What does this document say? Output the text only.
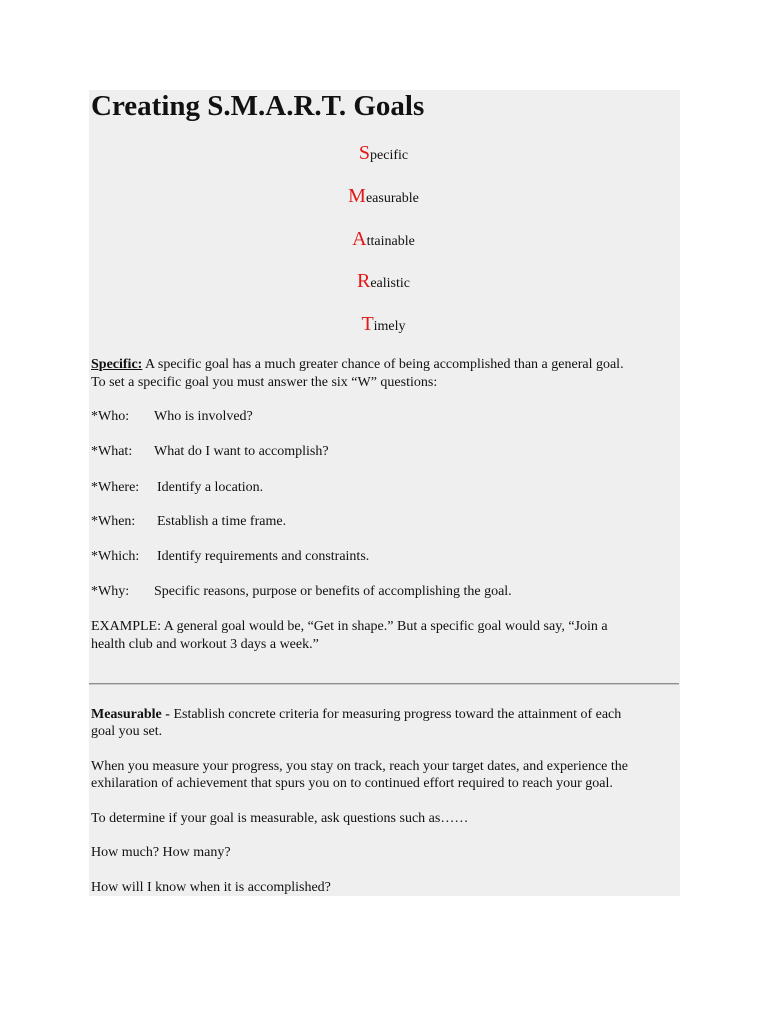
Creating S.M.A.R.T. Goals
Specific
Measurable
Attainable
Realistic
Timely
Specific: A specific goal has a much greater chance of being accomplished than a general goal.
To set a specific goal you must answer the six “W” questions:
*Who: Who is involved?
*What: What do I want to accomplish?
*Where: Identify a location.
*When: Establish a time frame.
*Which: Identify requirements and constraints.
*Why: Specific reasons, purpose or benefits of accomplishing the goal.
EXAMPLE: A general goal would be, “Get in shape.” But a specific goal would say, “Join a
health club and workout 3 days a week.”
Measurable - Establish concrete criteria for measuring progress toward the attainment of each
goal you set.
When you measure your progress, you stay on track, reach your target dates, and experience the
exhilaration of achievement that spurs you on to continued effort required to reach your goal.
To determine if your goal is measurable, ask questions such as……
How much? How many?
How will I know when it is accomplished?
